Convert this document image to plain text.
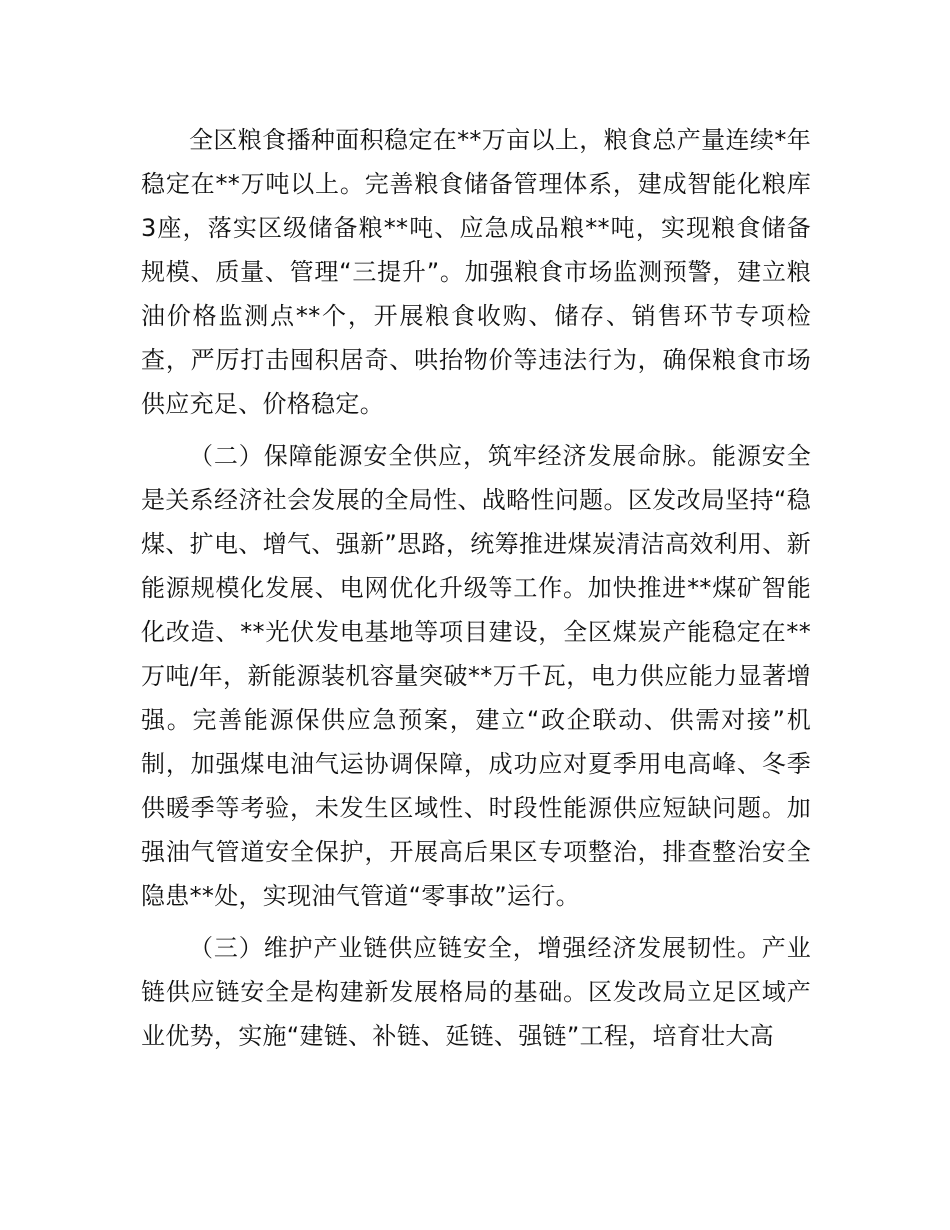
全区粮食播种面积稳定在**万亩以上，粮食总产量连续*年稳定在**万吨以上。完善粮食储备管理体系，建成智能化粮库3座，落实区级储备粮**吨、应急成品粮**吨，实现粮食储备规模、质量、管理“三提升”。加强粮食市场监测预警，建立粮油价格监测点**个，开展粮食收购、储存、销售环节专项检查，严厉打击囤积居奇、哄抬物价等违法行为，确保粮食市场供应充足、价格稳定。

（二）保障能源安全供应，筑牢经济发展命脉。能源安全是关系经济社会发展的全局性、战略性问题。区发改局坚持“稳煤、扩电、增气、强新”思路，统筹推进煤炭清洁高效利用、新能源规模化发展、电网优化升级等工作。加快推进**煤矿智能化改造、**光伏发电基地等项目建设，全区煤炭产能稳定在**万吨/年，新能源装机容量突破**万千瓦，电力供应能力显著增强。完善能源保供应急预案，建立“政企联动、供需对接”机制，加强煤电油气运协调保障，成功应对夏季用电高峰、冬季供暖季等考验，未发生区域性、时段性能源供应短缺问题。加强油气管道安全保护，开展高后果区专项整治，排查整治安全隐患**处，实现油气管道“零事故”运行。

（三）维护产业链供应链安全，增强经济发展韧性。产业链供应链安全是构建新发展格局的基础。区发改局立足区域产业优势，实施“建链、补链、延链、强链”工程，培育壮大高
